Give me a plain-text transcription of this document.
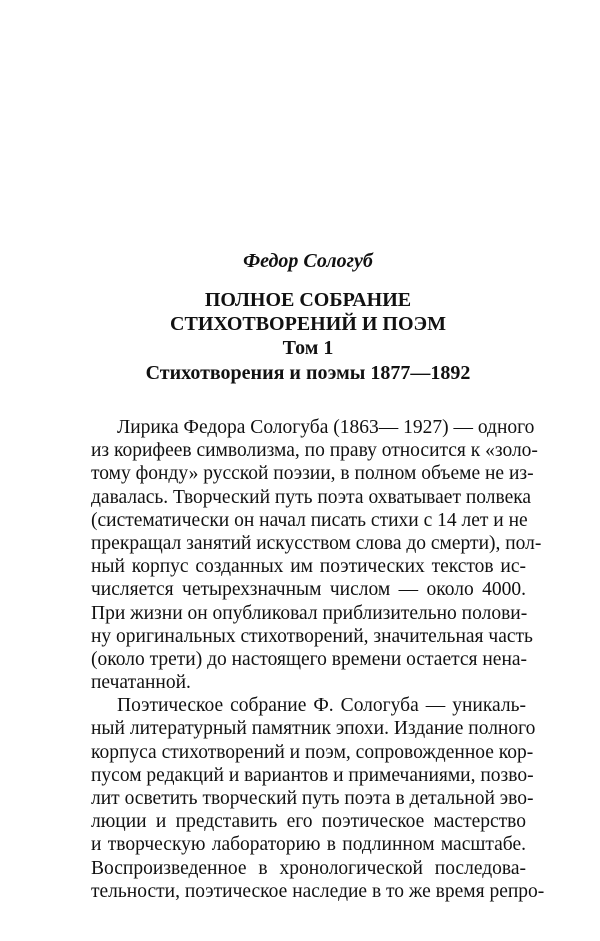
Федор Сологуб
ПОЛНОЕ СОБРАНИЕ
СТИХОТВОРЕНИЙ И ПОЭМ
Том 1
Стихотворения и поэмы 1877—1892
Лирика Федора Сологуба (1863— 1927) — одного
из корифеев символизма, по праву относится к «золо-
тому фонду» русской поэзии, в полном объеме не из-
давалась. Творческий путь поэта охватывает полвека
(систематически он начал писать стихи с 14 лет и не
прекращал занятий искусством слова до смерти), пол-
ный корпус созданных им поэтических текстов ис-
числяется четырехзначным числом — около 4000.
При жизни он опубликовал приблизительно полови-
ну оригинальных стихотворений, значительная часть
(около трети) до настоящего времени остается нена-
печатанной.
Поэтическое собрание Ф. Сологуба — уникаль-
ный литературный памятник эпохи. Издание полного
корпуса стихотворений и поэм, сопровожденное кор-
пусом редакций и вариантов и примечаниями, позво-
лит осветить творческий путь поэта в детальной эво-
люции и представить его поэтическое мастерство
и творческую лабораторию в подлинном масштабе.
Воспроизведенное в хронологической последова-
тельности, поэтическое наследие в то же время репро-
